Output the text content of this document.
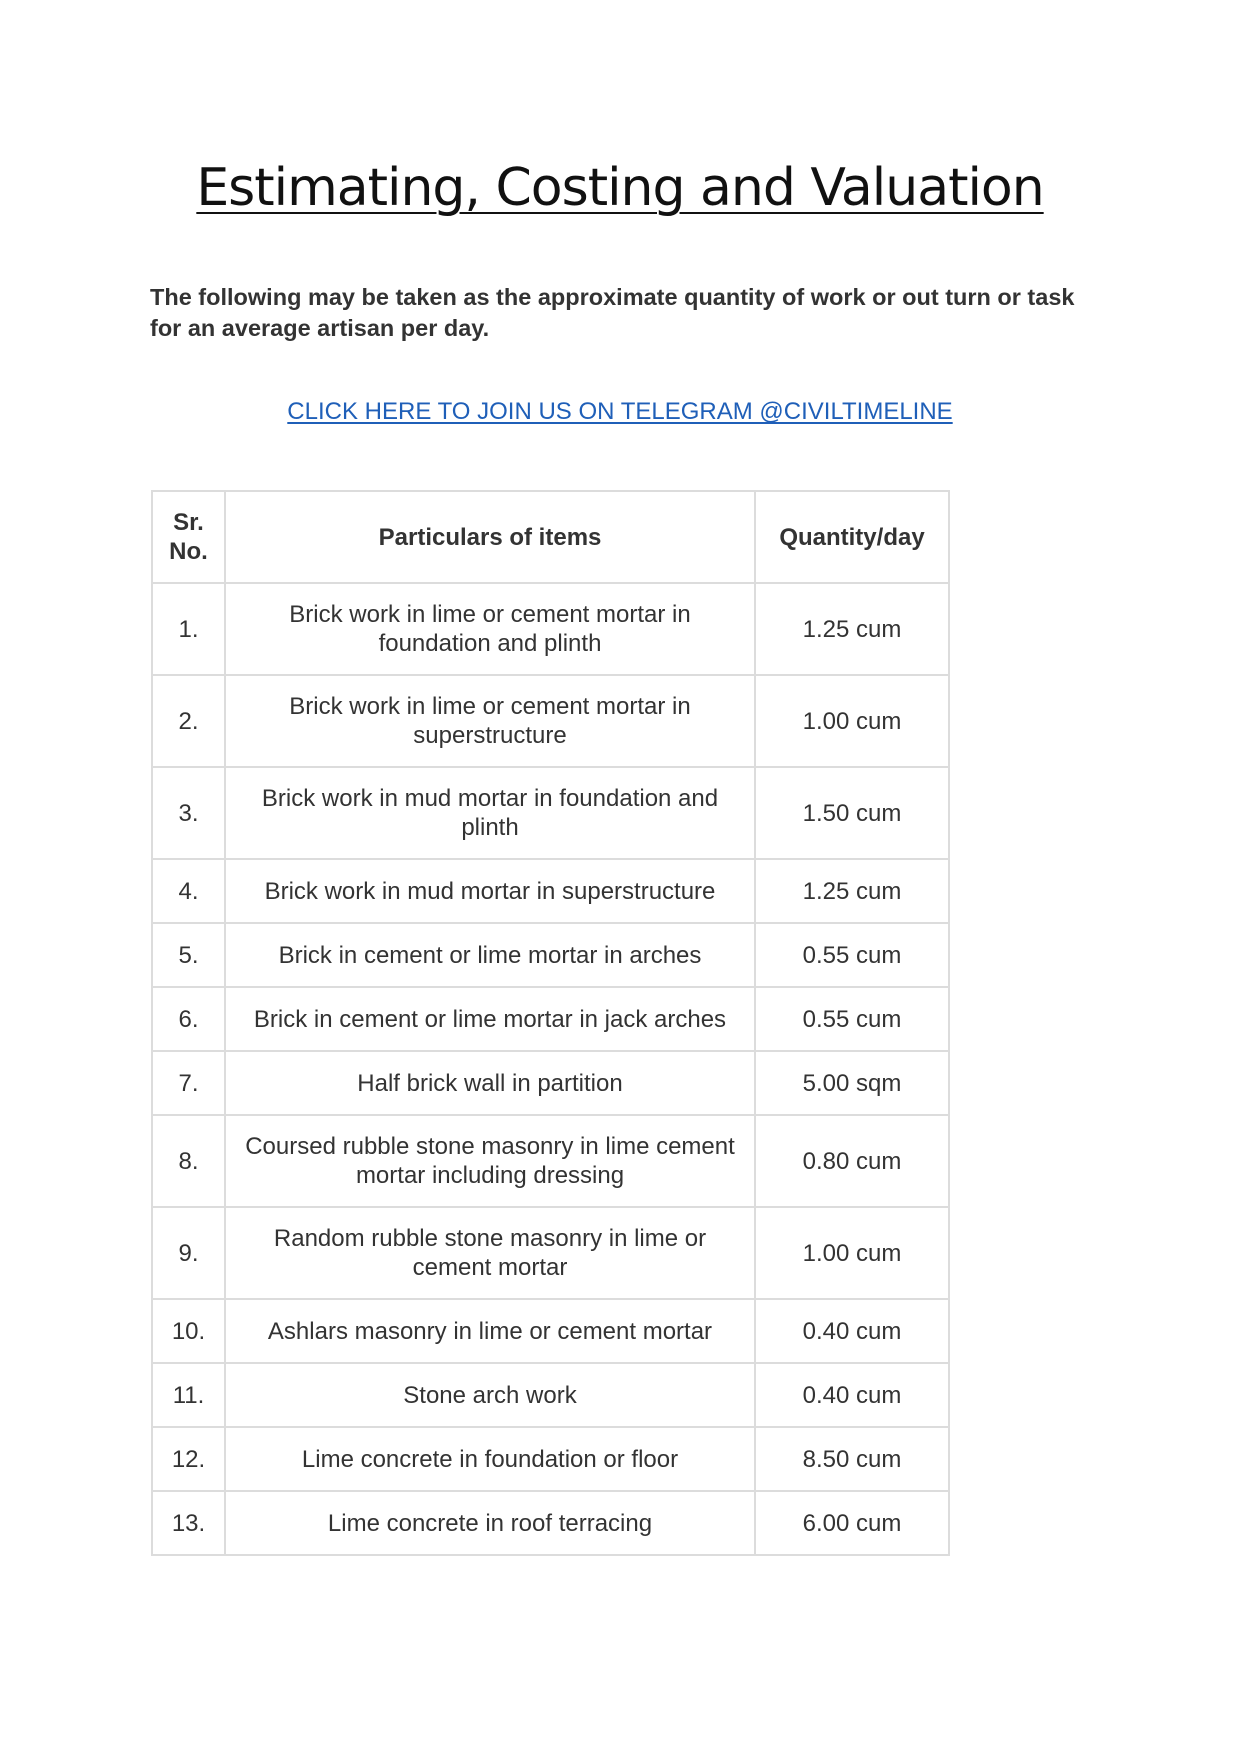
Estimating, Costing and Valuation

The following may be taken as the approximate quantity of work or out turn or task for an average artisan per day.

CLICK HERE TO JOIN US ON TELEGRAM @CIVILTIMELINE
Sr. No.	Particulars of items	Quantity/day
1.	Brick work in lime or cement mortar in foundation and plinth	1.25 cum
2.	Brick work in lime or cement mortar in superstructure	1.00 cum
3.	Brick work in mud mortar in foundation and plinth	1.50 cum
4.	Brick work in mud mortar in superstructure	1.25 cum
5.	Brick in cement or lime mortar in arches	0.55 cum
6.	Brick in cement or lime mortar in jack arches	0.55 cum
7.	Half brick wall in partition	5.00 sqm
8.	Coursed rubble stone masonry in lime cement mortar including dressing	0.80 cum
9.	Random rubble stone masonry in lime or cement mortar	1.00 cum
10.	Ashlars masonry in lime or cement mortar	0.40 cum
11.	Stone arch work	0.40 cum
12.	Lime concrete in foundation or floor	8.50 cum
13.	Lime concrete in roof terracing	6.00 cum
